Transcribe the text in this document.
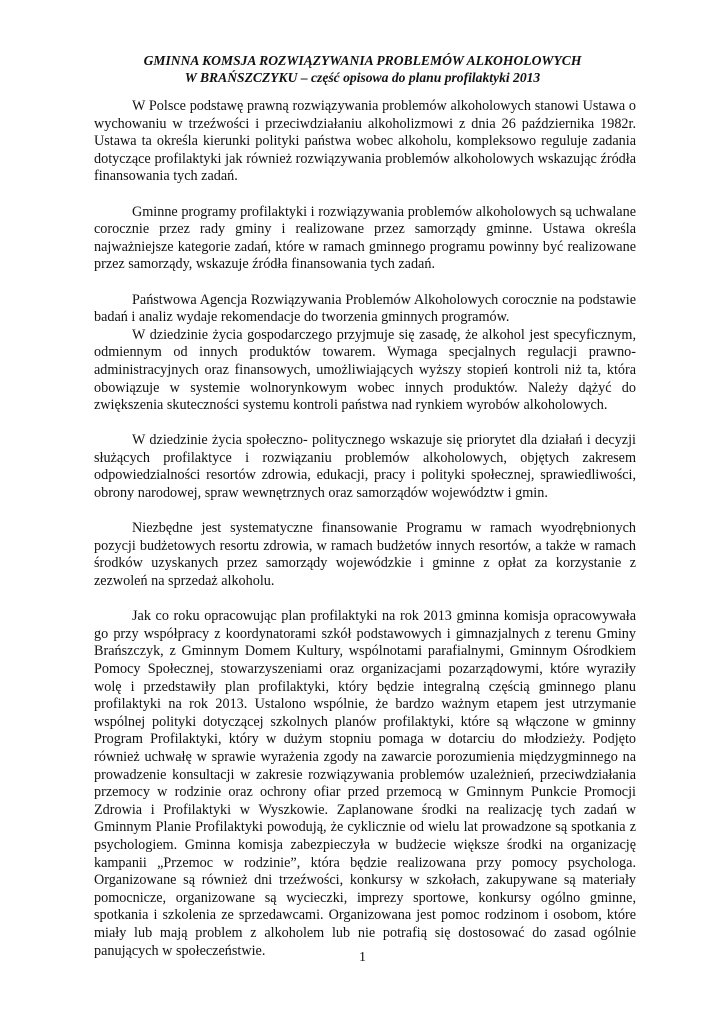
GMINNA KOMSJA ROZWIĄZYWANIA PROBLEMÓW ALKOHOLOWYCH
W BRAŃSZCZYKU – część opisowa do planu profilaktyki 2013

W Polsce podstawę prawną rozwiązywania problemów alkoholowych stanowi Ustawa o wychowaniu w trzeźwości i przeciwdziałaniu alkoholizmowi z dnia 26 października 1982r. Ustawa ta określa kierunki polityki państwa wobec alkoholu, kompleksowo reguluje zadania dotyczące profilaktyki jak również rozwiązywania problemów alkoholowych wskazując źródła finansowania tych zadań.

Gminne programy profilaktyki i rozwiązywania problemów alkoholowych są uchwalane corocznie przez rady gminy i realizowane przez samorządy gminne. Ustawa określa najważniejsze kategorie zadań, które w ramach gminnego programu powinny być realizowane przez samorządy, wskazuje źródła finansowania tych zadań.

Państwowa Agencja Rozwiązywania Problemów Alkoholowych corocznie na podstawie badań i analiz wydaje rekomendacje do tworzenia gminnych programów.

W dziedzinie życia gospodarczego przyjmuje się zasadę, że alkohol jest specyficznym, odmiennym od innych produktów towarem. Wymaga specjalnych regulacji prawno-administracyjnych oraz finansowych, umożliwiających wyższy stopień kontroli niż ta, która obowiązuje w systemie wolnorynkowym wobec innych produktów. Należy dążyć do zwiększenia skuteczności systemu kontroli państwa nad rynkiem wyrobów alkoholowych.

W dziedzinie życia społeczno- politycznego wskazuje się priorytet dla działań i decyzji służących profilaktyce i rozwiązaniu problemów alkoholowych, objętych zakresem odpowiedzialności resortów zdrowia, edukacji, pracy i polityki społecznej, sprawiedliwości, obrony narodowej, spraw wewnętrznych oraz samorządów województw i gmin.

Niezbędne jest systematyczne finansowanie Programu w ramach wyodrębnionych pozycji budżetowych resortu zdrowia, w ramach budżetów innych resortów, a także w ramach środków uzyskanych przez samorządy wojewódzkie i gminne z opłat za korzystanie z zezwoleń na sprzedaż alkoholu.

Jak co roku opracowując plan profilaktyki na rok 2013 gminna komisja opracowywała go przy współpracy z koordynatorami szkół podstawowych i gimnazjalnych z terenu Gminy Brańszczyk, z Gminnym Domem Kultury, wspólnotami parafialnymi, Gminnym Ośrodkiem Pomocy Społecznej, stowarzyszeniami oraz organizacjami pozarządowymi, które wyraziły wolę i przedstawiły plan profilaktyki, który będzie integralną częścią gminnego planu profilaktyki na rok 2013. Ustalono wspólnie, że bardzo ważnym etapem jest utrzymanie wspólnej polityki dotyczącej szkolnych planów profilaktyki, które są włączone w gminny Program Profilaktyki, który w dużym stopniu pomaga w dotarciu do młodzieży. Podjęto również uchwałę w sprawie wyrażenia zgody na zawarcie porozumienia międzygminnego na prowadzenie konsultacji w zakresie rozwiązywania problemów uzależnień, przeciwdziałania przemocy w rodzinie oraz ochrony ofiar przed przemocą w Gminnym Punkcie Promocji Zdrowia i Profilaktyki w Wyszkowie. Zaplanowane środki na realizację tych zadań w Gminnym Planie Profilaktyki powodują, że cyklicznie od wielu lat prowadzone są spotkania z psychologiem. Gminna komisja zabezpieczyła w budżecie większe środki na organizację kampanii „Przemoc w rodzinie”, która będzie realizowana przy pomocy psychologa. Organizowane są również dni trzeźwości, konkursy w szkołach, zakupywane są materiały pomocnicze, organizowane są wycieczki, imprezy sportowe, konkursy ogólno gminne, spotkania i szkolenia ze sprzedawcami. Organizowana jest pomoc rodzinom i osobom, które miały lub mają problem z alkoholem lub nie potrafią się dostosować do zasad ogólnie panujących w społeczeństwie.	1
